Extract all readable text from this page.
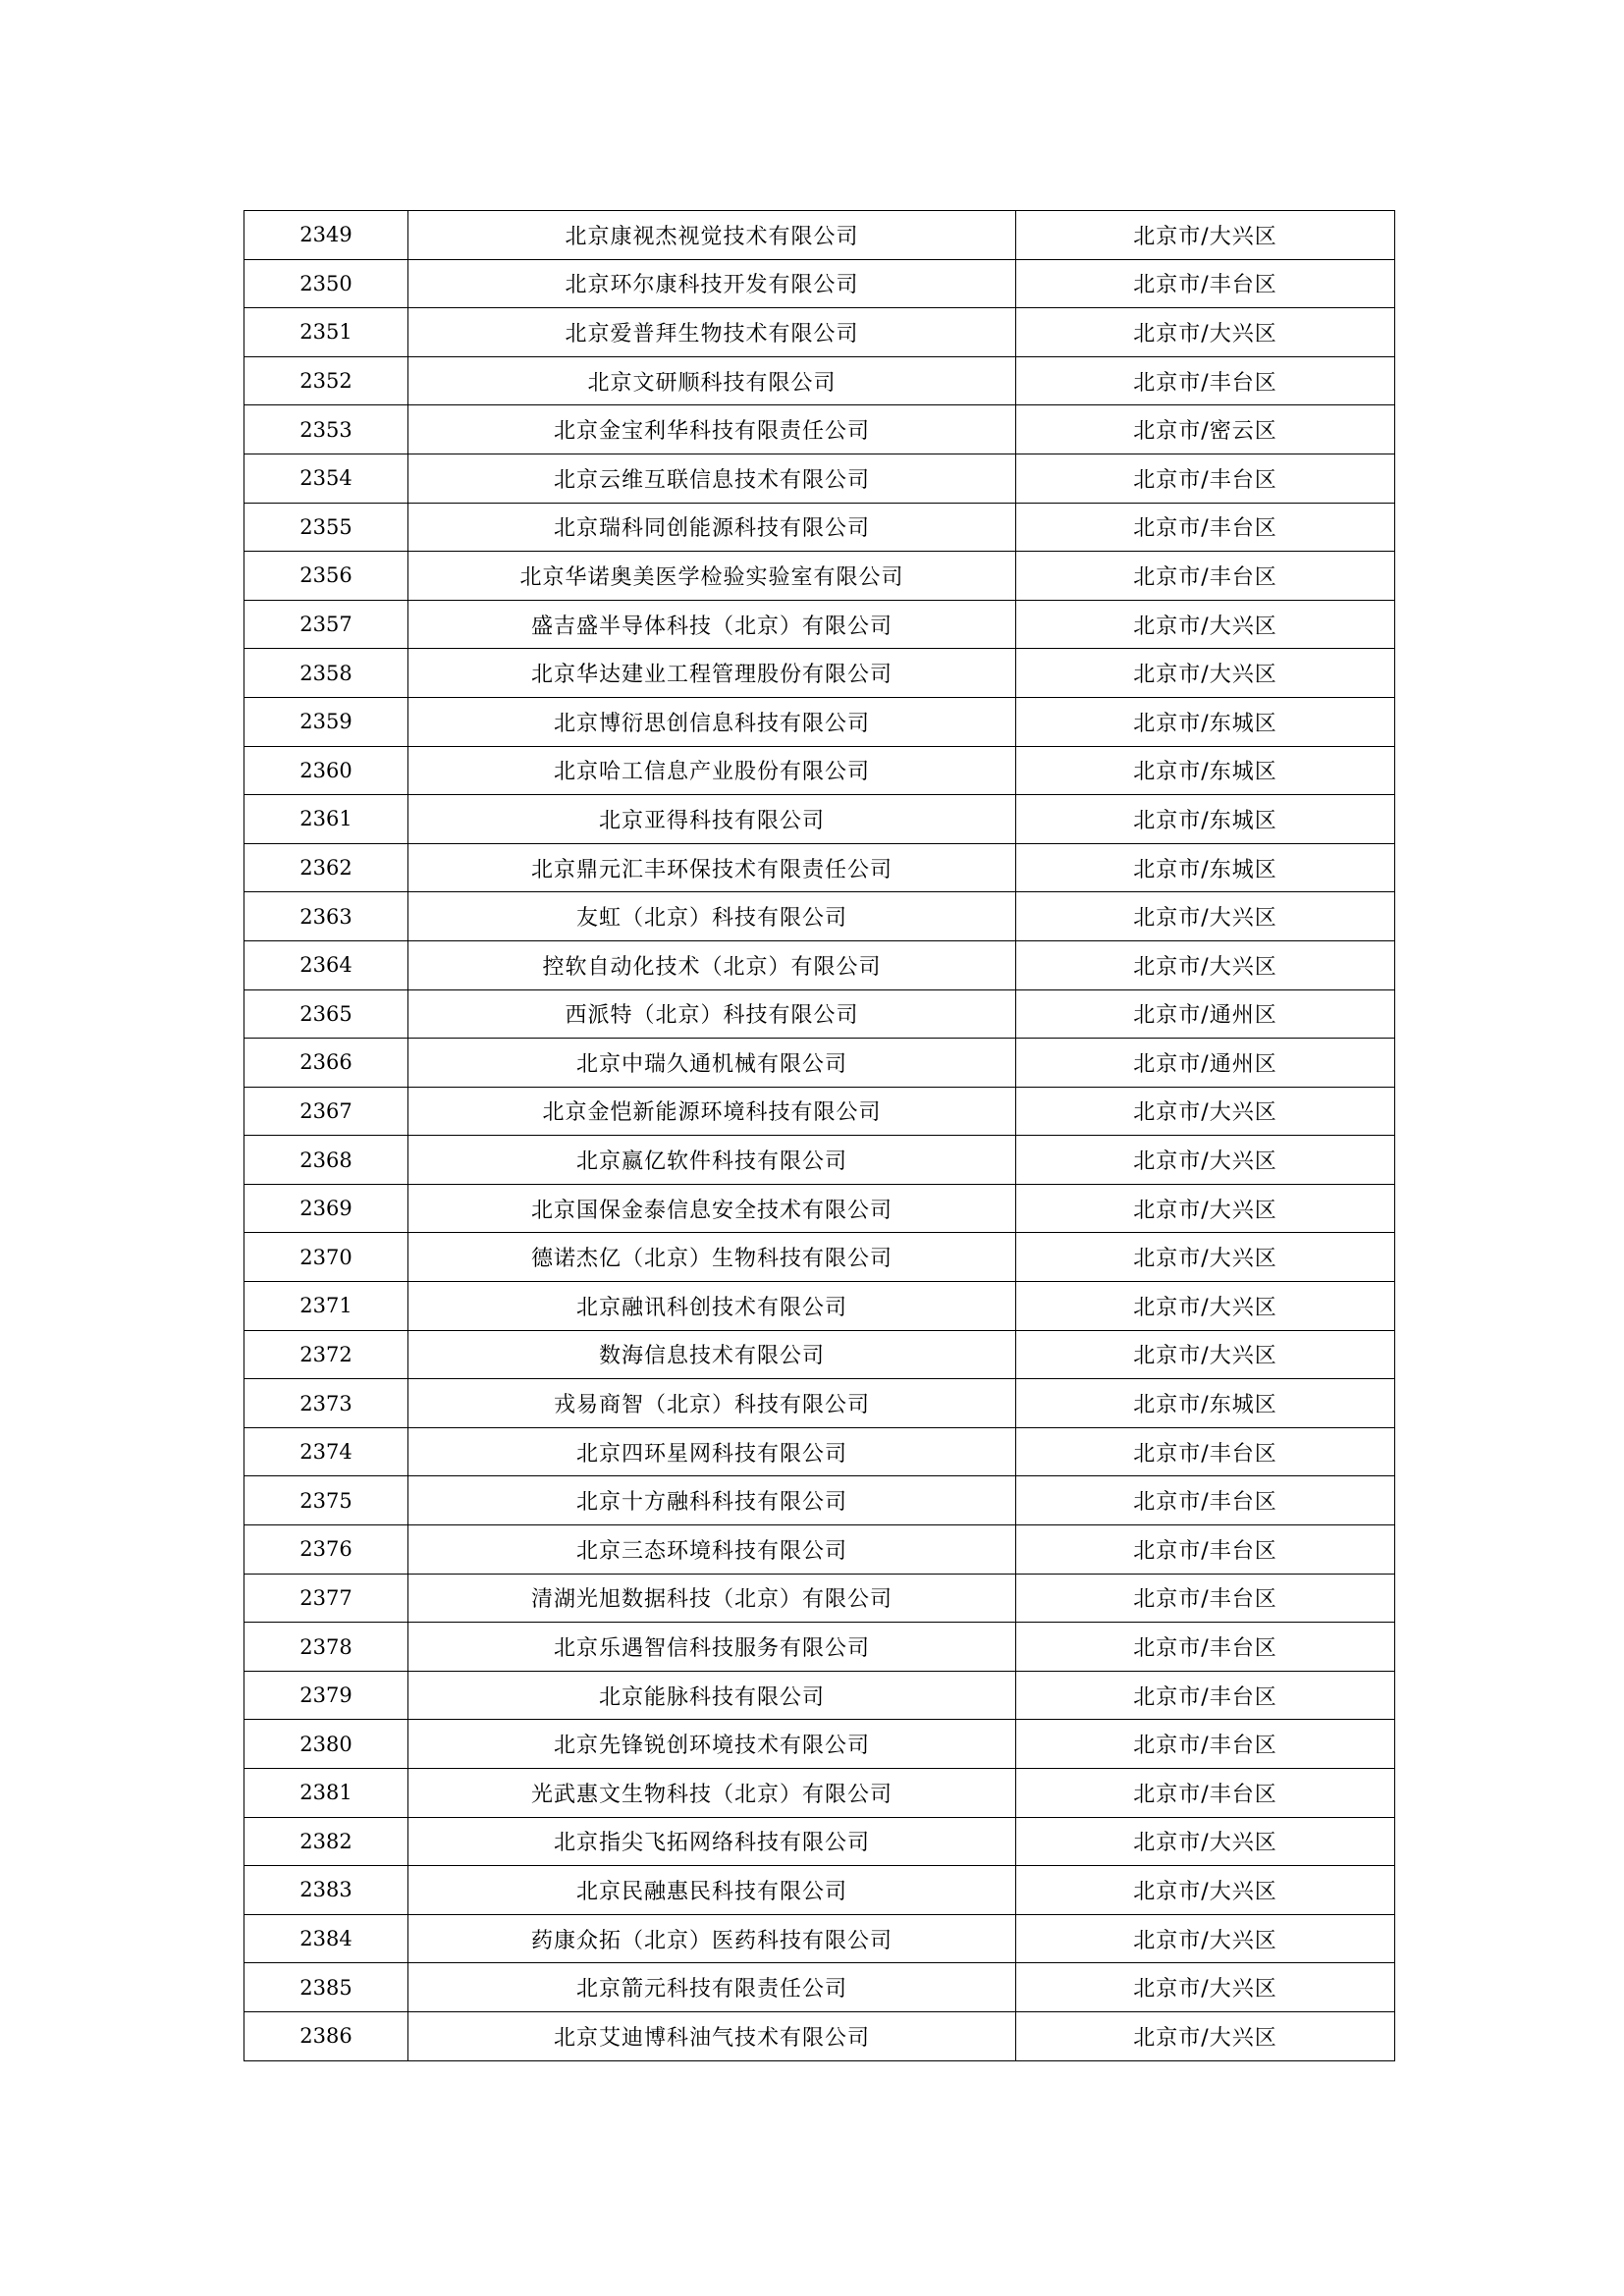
2349	北京康视杰视觉技术有限公司	北京市/大兴区
2350	北京环尔康科技开发有限公司	北京市/丰台区
2351	北京爱普拜生物技术有限公司	北京市/大兴区
2352	北京文研顺科技有限公司	北京市/丰台区
2353	北京金宝利华科技有限责任公司	北京市/密云区
2354	北京云维互联信息技术有限公司	北京市/丰台区
2355	北京瑞科同创能源科技有限公司	北京市/丰台区
2356	北京华诺奥美医学检验实验室有限公司	北京市/丰台区
2357	盛吉盛半导体科技（北京）有限公司	北京市/大兴区
2358	北京华达建业工程管理股份有限公司	北京市/大兴区
2359	北京博衍思创信息科技有限公司	北京市/东城区
2360	北京哈工信息产业股份有限公司	北京市/东城区
2361	北京亚得科技有限公司	北京市/东城区
2362	北京鼎元汇丰环保技术有限责任公司	北京市/东城区
2363	友虹（北京）科技有限公司	北京市/大兴区
2364	控软自动化技术（北京）有限公司	北京市/大兴区
2365	西派特（北京）科技有限公司	北京市/通州区
2366	北京中瑞久通机械有限公司	北京市/通州区
2367	北京金恺新能源环境科技有限公司	北京市/大兴区
2368	北京嬴亿软件科技有限公司	北京市/大兴区
2369	北京国保金泰信息安全技术有限公司	北京市/大兴区
2370	德诺杰亿（北京）生物科技有限公司	北京市/大兴区
2371	北京融讯科创技术有限公司	北京市/大兴区
2372	数海信息技术有限公司	北京市/大兴区
2373	戎易商智（北京）科技有限公司	北京市/东城区
2374	北京四环星网科技有限公司	北京市/丰台区
2375	北京十方融科科技有限公司	北京市/丰台区
2376	北京三态环境科技有限公司	北京市/丰台区
2377	清湖光旭数据科技（北京）有限公司	北京市/丰台区
2378	北京乐遇智信科技服务有限公司	北京市/丰台区
2379	北京能脉科技有限公司	北京市/丰台区
2380	北京先锋锐创环境技术有限公司	北京市/丰台区
2381	光武惠文生物科技（北京）有限公司	北京市/丰台区
2382	北京指尖飞拓网络科技有限公司	北京市/大兴区
2383	北京民融惠民科技有限公司	北京市/大兴区
2384	药康众拓（北京）医药科技有限公司	北京市/大兴区
2385	北京箭元科技有限责任公司	北京市/大兴区
2386	北京艾迪博科油气技术有限公司	北京市/大兴区
